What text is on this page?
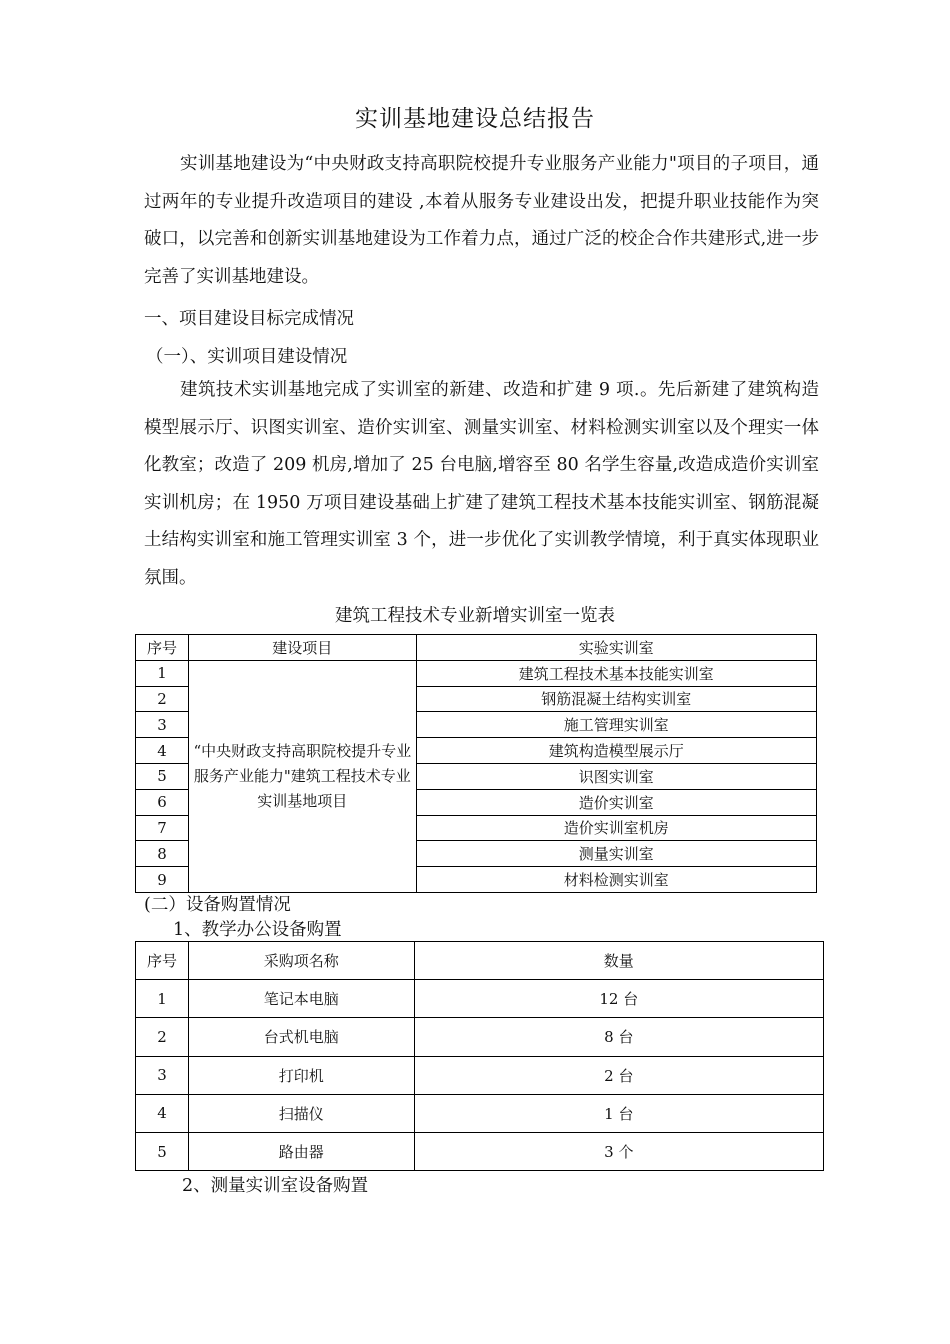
实训基地建设总结报告

实训基地建设为“中央财政支持高职院校提升专业服务产业能力"项目的子项目，通过两年的专业提升改造项目的建设 ,本着从服务专业建设出发，把提升职业技能作为突破口，以完善和创新实训基地建设为工作着力点，通过广泛的校企合作共建形式,进一步完善了实训基地建设。

一、项目建设目标完成情况
（一）、实训项目建设情况

建筑技术实训基地完成了实训室的新建、改造和扩建 9 项.。先后新建了建筑构造模型展示厅、识图实训室、造价实训室、测量实训室、材料检测实训室以及个理实一体化教室；改造了 209 机房,增加了 25 台电脑,增容至 80 名学生容量,改造成造价实训室实训机房；在 1950 万项目建设基础上扩建了建筑工程技术基本技能实训室、钢筋混凝土结构实训室和施工管理实训室 3 个，进一步优化了实训教学情境，利于真实体现职业氛围。

建筑工程技术专业新增实训室一览表
序号	建设项目	实验实训室
1	“中央财政支持高职院校提升专业服务产业能力"建筑工程技术专业实训基地项目	建筑工程技术基本技能实训室
2		钢筋混凝土结构实训室
3		施工管理实训室
4		建筑构造模型展示厅
5		识图实训室
6		造价实训室
7		造价实训室机房
8		测量实训室
9		材料检测实训室
(二）设备购置情况
1、教学办公设备购置
序号	采购项名称	数量
1	笔记本电脑	12 台
2	台式机电脑	8 台
3	打印机	2 台
4	扫描仪	1 台
5	路由器	3 个
2、测量实训室设备购置
